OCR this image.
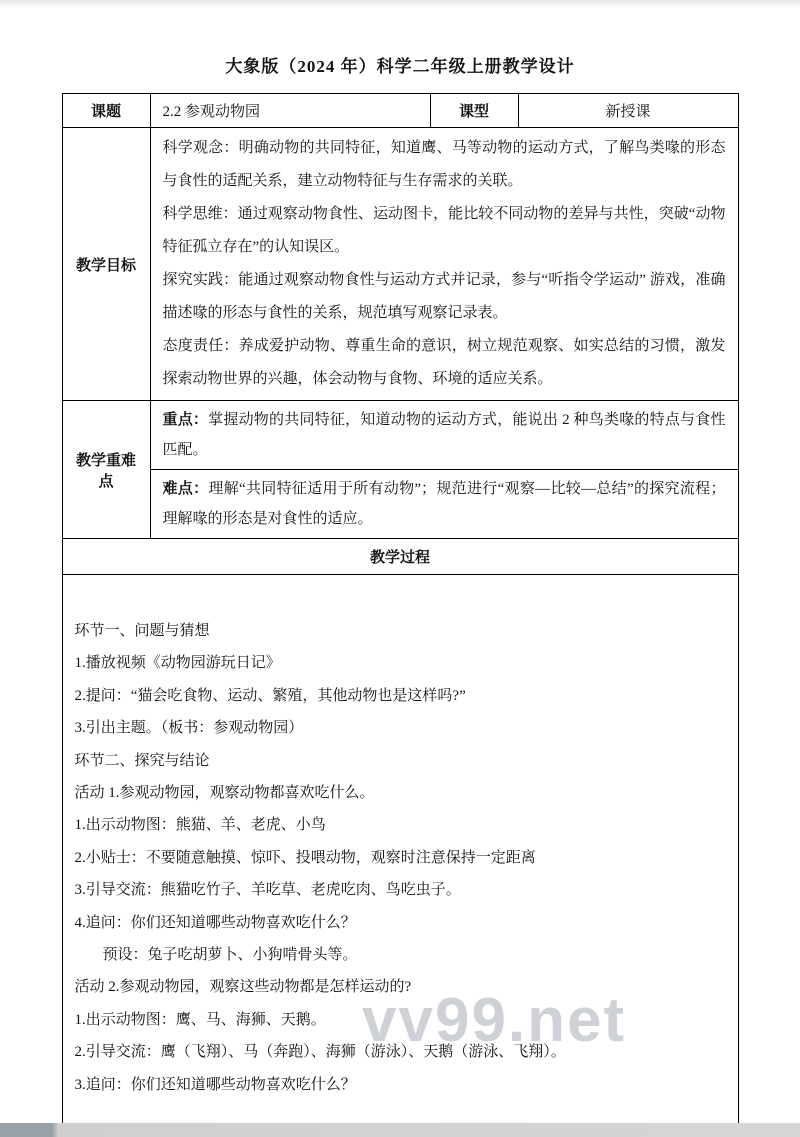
大象版（2024 年）科学二年级上册教学设计
课题	2.2 参观动物园	课型	新授课
教学目标	科学观念：明确动物的共同特征，知道鹰、马等动物的运动方式，了解鸟类喙的形态与食性的适配关系，建立动物特征与生存需求的关联。

科学思维：通过观察动物食性、运动图卡，能比较不同动物的差异与共性，突破“动物特征孤立存在”的认知误区。

探究实践：能通过观察动物食性与运动方式并记录，参与“听指令学运动” 游戏，准确描述喙的形态与食性的关系，规范填写观察记录表。

态度责任：养成爱护动物、尊重生命的意识，树立规范观察、如实总结的习惯，激发探索动物世界的兴趣，体会动物与食物、环境的适应关系。		

教学重难点	重点：掌握动物的共同特征，知道动物的运动方式，能说出 2 种鸟类喙的特点与食性匹配。		

	难点：理解“共同特征适用于所有动物”；规范进行“观察—比较—总结”的探究流程；理解喙的形态是对食性的适应。		

教学过程			

环节一、问题与猜想
1.播放视频《动物园游玩日记》
2.提问：“猫会吃食物、运动、繁殖，其他动物也是这样吗?”
3.引出主题。（板书：参观动物园）
环节二、探究与结论
活动 1.参观动物园，观察动物都喜欢吃什么。
1.出示动物图：熊猫、羊、老虎、小鸟
2.小贴士：不要随意触摸、惊吓、投喂动物，观察时注意保持一定距离
3.引导交流：熊猫吃竹子、羊吃草、老虎吃肉、鸟吃虫子。
4.追问：你们还知道哪些动物喜欢吃什么？
预设：兔子吃胡萝卜、小狗啃骨头等。
活动 2.参观动物园，观察这些动物都是怎样运动的?
1.出示动物图：鹰、马、海狮、天鹅。
2.引导交流：鹰（飞翔）、马（奔跑）、海狮（游泳）、天鹅（游泳、飞翔）。
3.追问：你们还知道哪些动物喜欢吃什么？
vv99.net
